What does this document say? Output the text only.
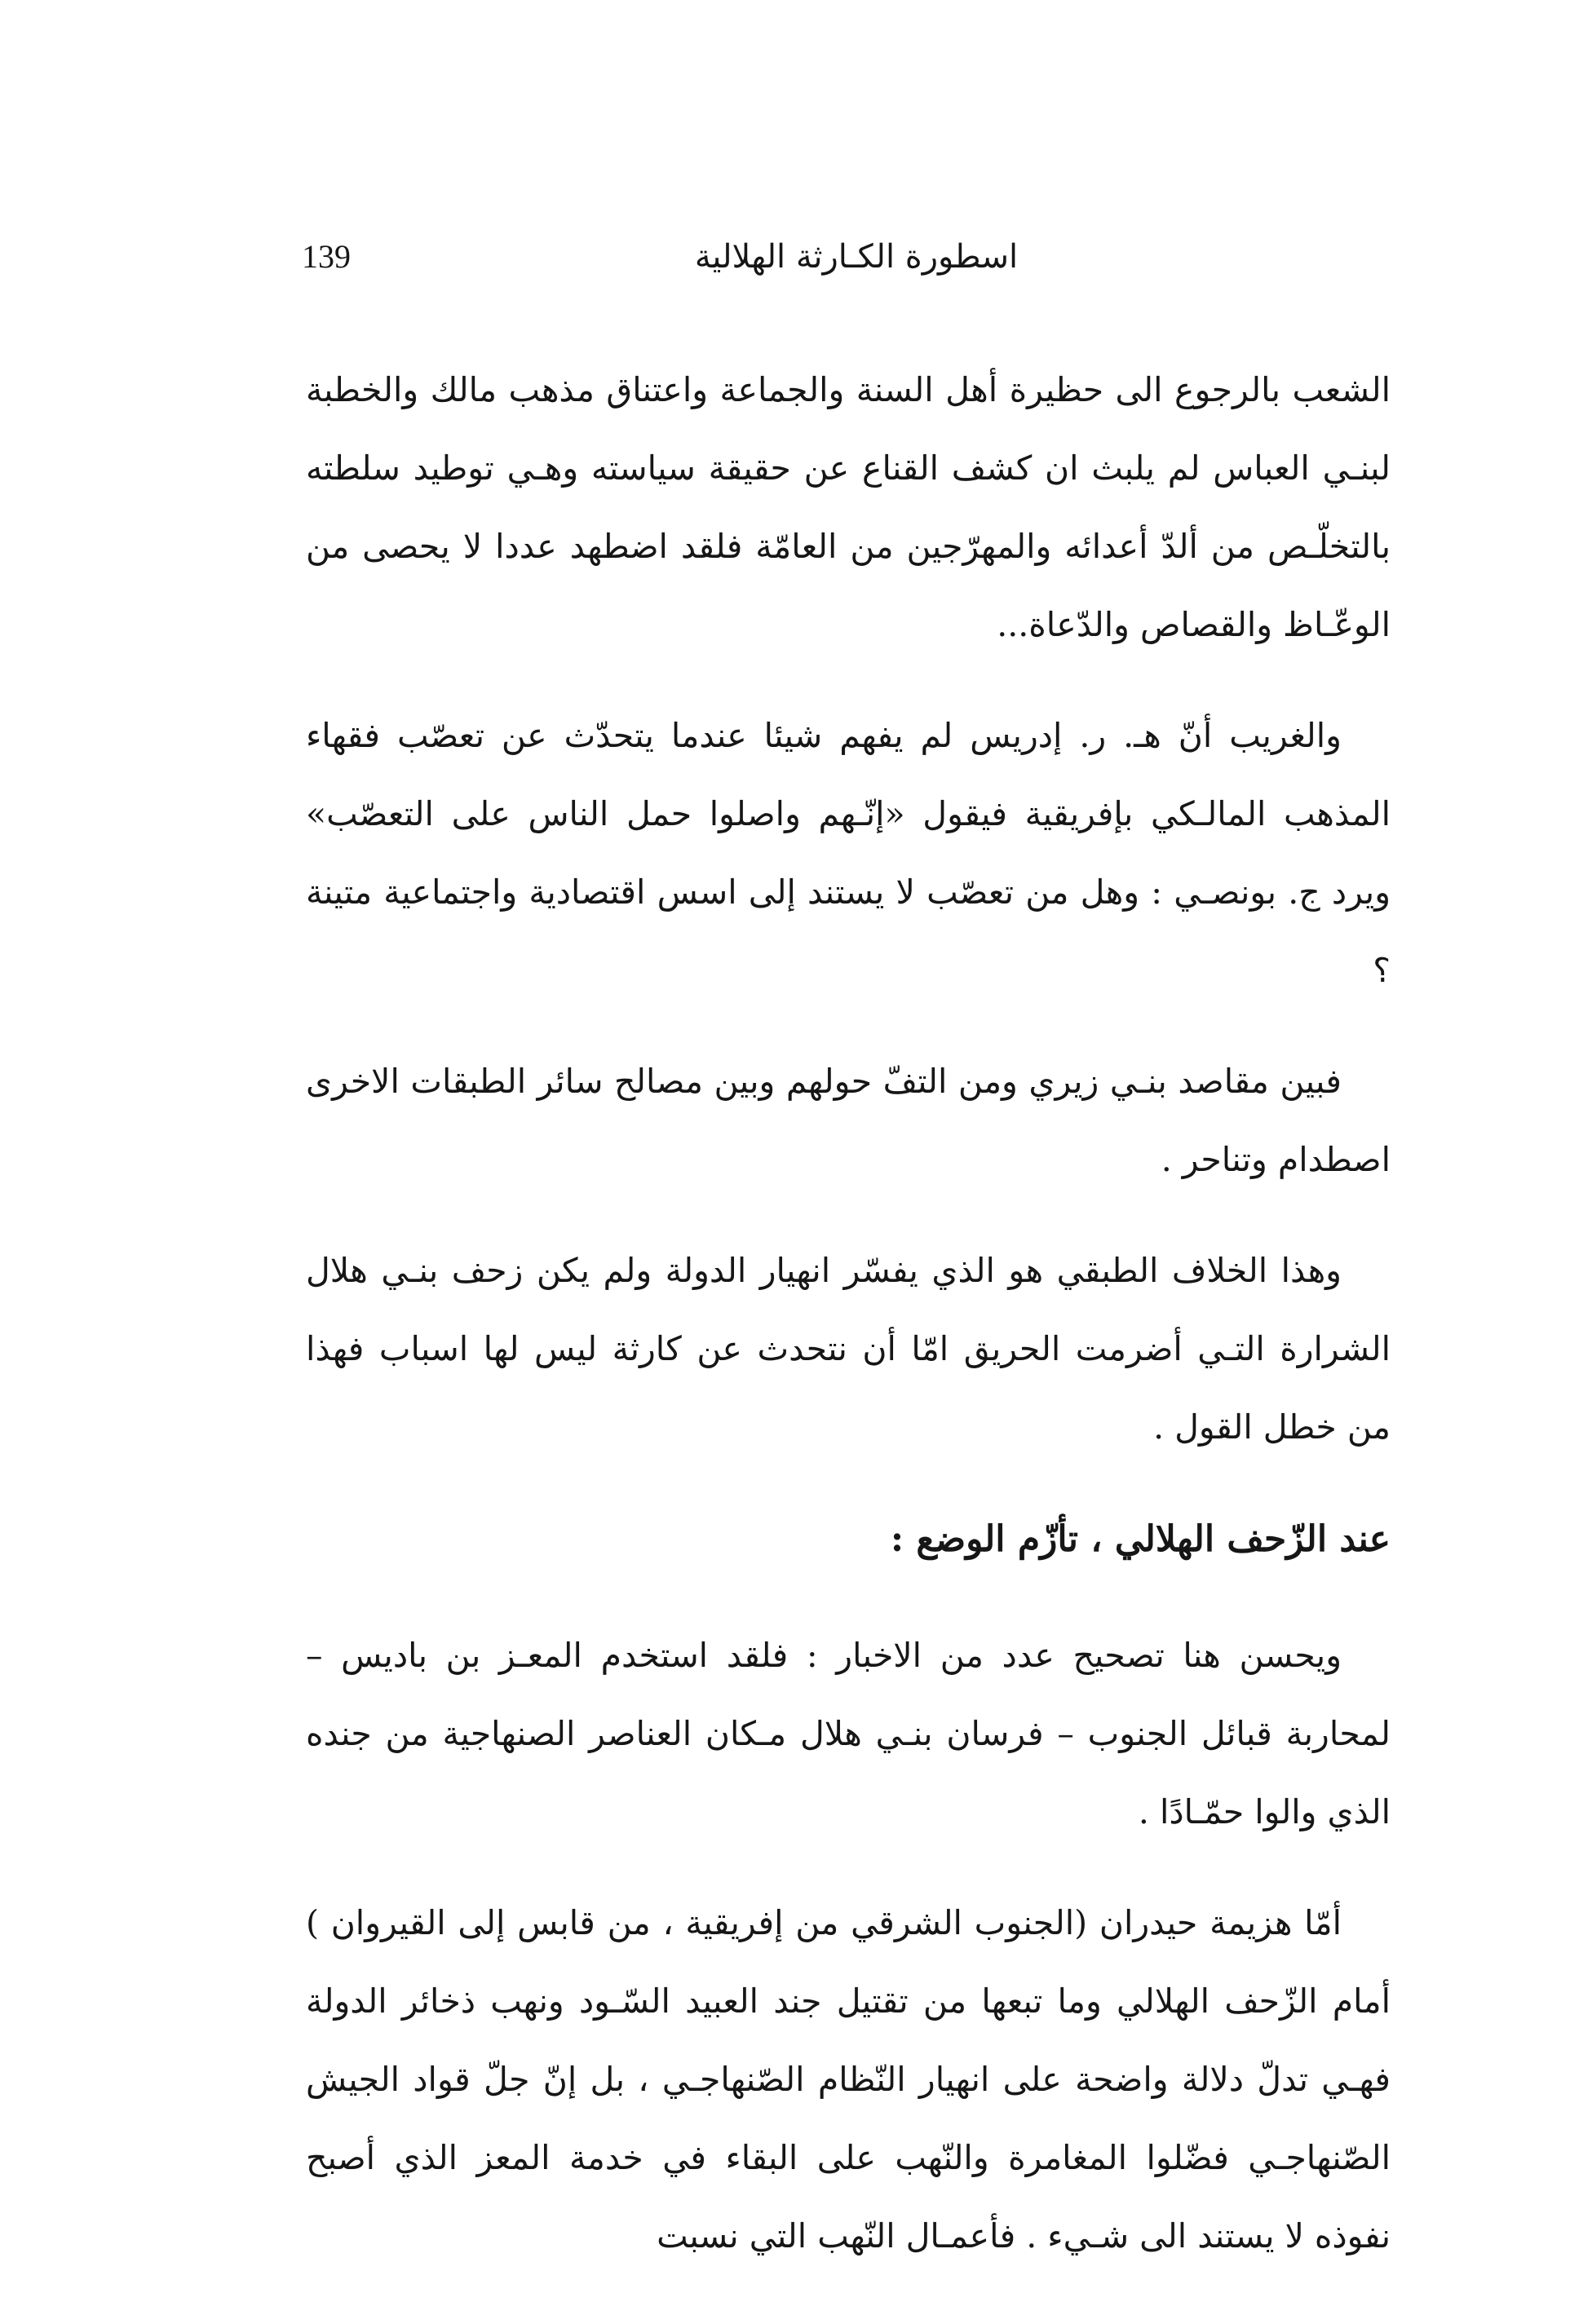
139	اسطورة الكـارثة الهلالية

الشعب بالرجوع الى حظيرة أهل السنة والجماعة واعتناق مذهب مالك والخطبة لبنـي العباس لم يلبث ان كشف القناع عن حقيقة سياسته وهـي توطيد سلطته بالتخلّـص من ألدّ أعدائه والمهرّجين من العامّة فلقد اضطهد عددا لا يحصى من الوعّـاظ والقصاص والدّعاة...

والغريب أنّ هـ. ر. إدريس لم يفهم شيئا عندما يتحدّث عن تعصّب فقهاء المذهب المالـكي بإفريقية فيقول «إنّـهم واصلوا حمل الناس على التعصّب» ويرد ج. بونصـي : وهل من تعصّب لا يستند إلى اسس اقتصادية واجتماعية متينة ؟

فبين مقاصد بنـي زيري ومن التفّ حولهم وبين مصالح سائر الطبقات الاخرى اصطدام وتناحر .

وهذا الخلاف الطبقي هو الذي يفسّر انهيار الدولة ولم يكن زحف بنـي هلال الشرارة التـي أضرمت الحريق امّا أن نتحدث عن كارثة ليس لها اسباب فهذا من خطل القول .

عند الزّحف الهلالي ، تأزّم الوضع :

ويحسن هنا تصحيح عدد من الاخبار : فلقد استخدم المعـز بن باديس – لمحاربة قبائل الجنوب – فرسان بنـي هلال مـكان العناصر الصنهاجية من جنده الذي والوا حمّـادًا .

أمّا هزيمة حيدران (الجنوب الشرقي من إفريقية ، من قابس إلى القيروان ) أمام الزّحف الهلالي وما تبعها من تقتيل جند العبيد السّـود ونهب ذخائر الدولة فهـي تدلّ دلالة واضحة على انهيار النّظام الصّنهاجـي ، بل إنّ جلّ قواد الجيش الصّنهاجـي فضّلوا المغامرة والنّهب على البقاء في خدمة المعز الذي أصبح نفوذه لا يستند الى شـيء . فأعمـال النّهب التي نسبت
